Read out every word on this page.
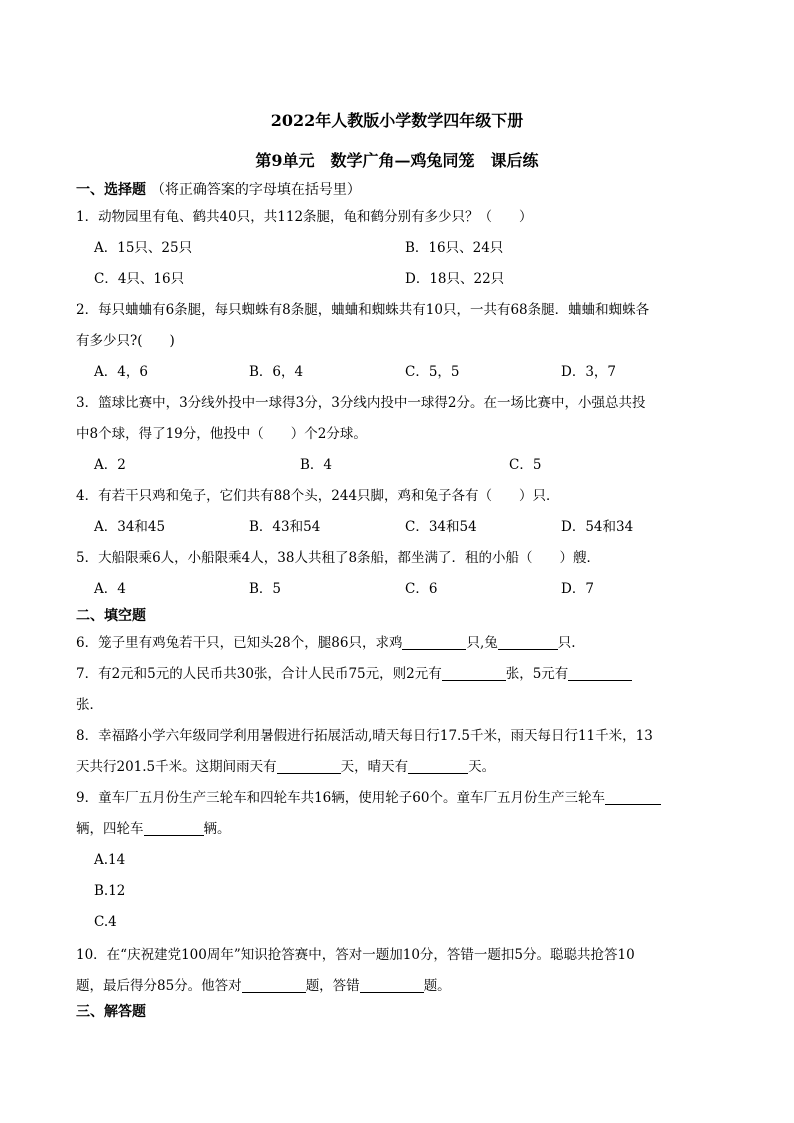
2022年人教版小学数学四年级下册
第9单元　数学广角—鸡兔同笼　课后练
一、选择题 （将正确答案的字母填在括号里）
1．动物园里有龟、鹤共40只，共112条腿，龟和鹤分别有多少只？（　　）
A．15只、25只	B．16只、24只
C．4只、16只	D．18只、22只
2．每只蛐蛐有6条腿，每只蜘蛛有8条腿，蛐蛐和蜘蛛共有10只，一共有68条腿．蛐蛐和蜘蛛各
有多少只?(　　)
A．4，6	B．6，4	C．5，5	D．3，7
3．篮球比赛中，3分线外投中一球得3分，3分线内投中一球得2分。在一场比赛中，小强总共投
中8个球，得了19分，他投中（　　）个2分球。
A．2	B．4	C．5
4．有若干只鸡和兔子，它们共有88个头，244只脚，鸡和兔子各有（　　）只．
A．34和45	B．43和54	C．34和54	D．54和34
5．大船限乘6人，小船限乘4人，38人共租了8条船，都坐满了．租的小船（　　）艘．
A．4	B．5	C．6	D．7
二、填空题
6．笼子里有鸡兔若干只，已知头28个，腿86只，求鸡	只,兔	只.
7．有2元和5元的人民币共30张，合计人民币75元，则2元有	张，5元有
张．
8．幸福路小学六年级同学利用暑假进行拓展活动,晴天每日行17.5千米，雨天每日行11千米，13
天共行201.5千米。这期间雨天有	天，晴天有	天。
9．童车厂五月份生产三轮车和四轮车共16辆，使用轮子60个。童车厂五月份生产三轮车
辆，四轮车	辆。
A.14
B.12
C.4
10．在“庆祝建党100周年”知识抢答赛中，答对一题加10分，答错一题扣5分。聪聪共抢答10
题，最后得分85分。他答对	题，答错	题。
三、解答题
